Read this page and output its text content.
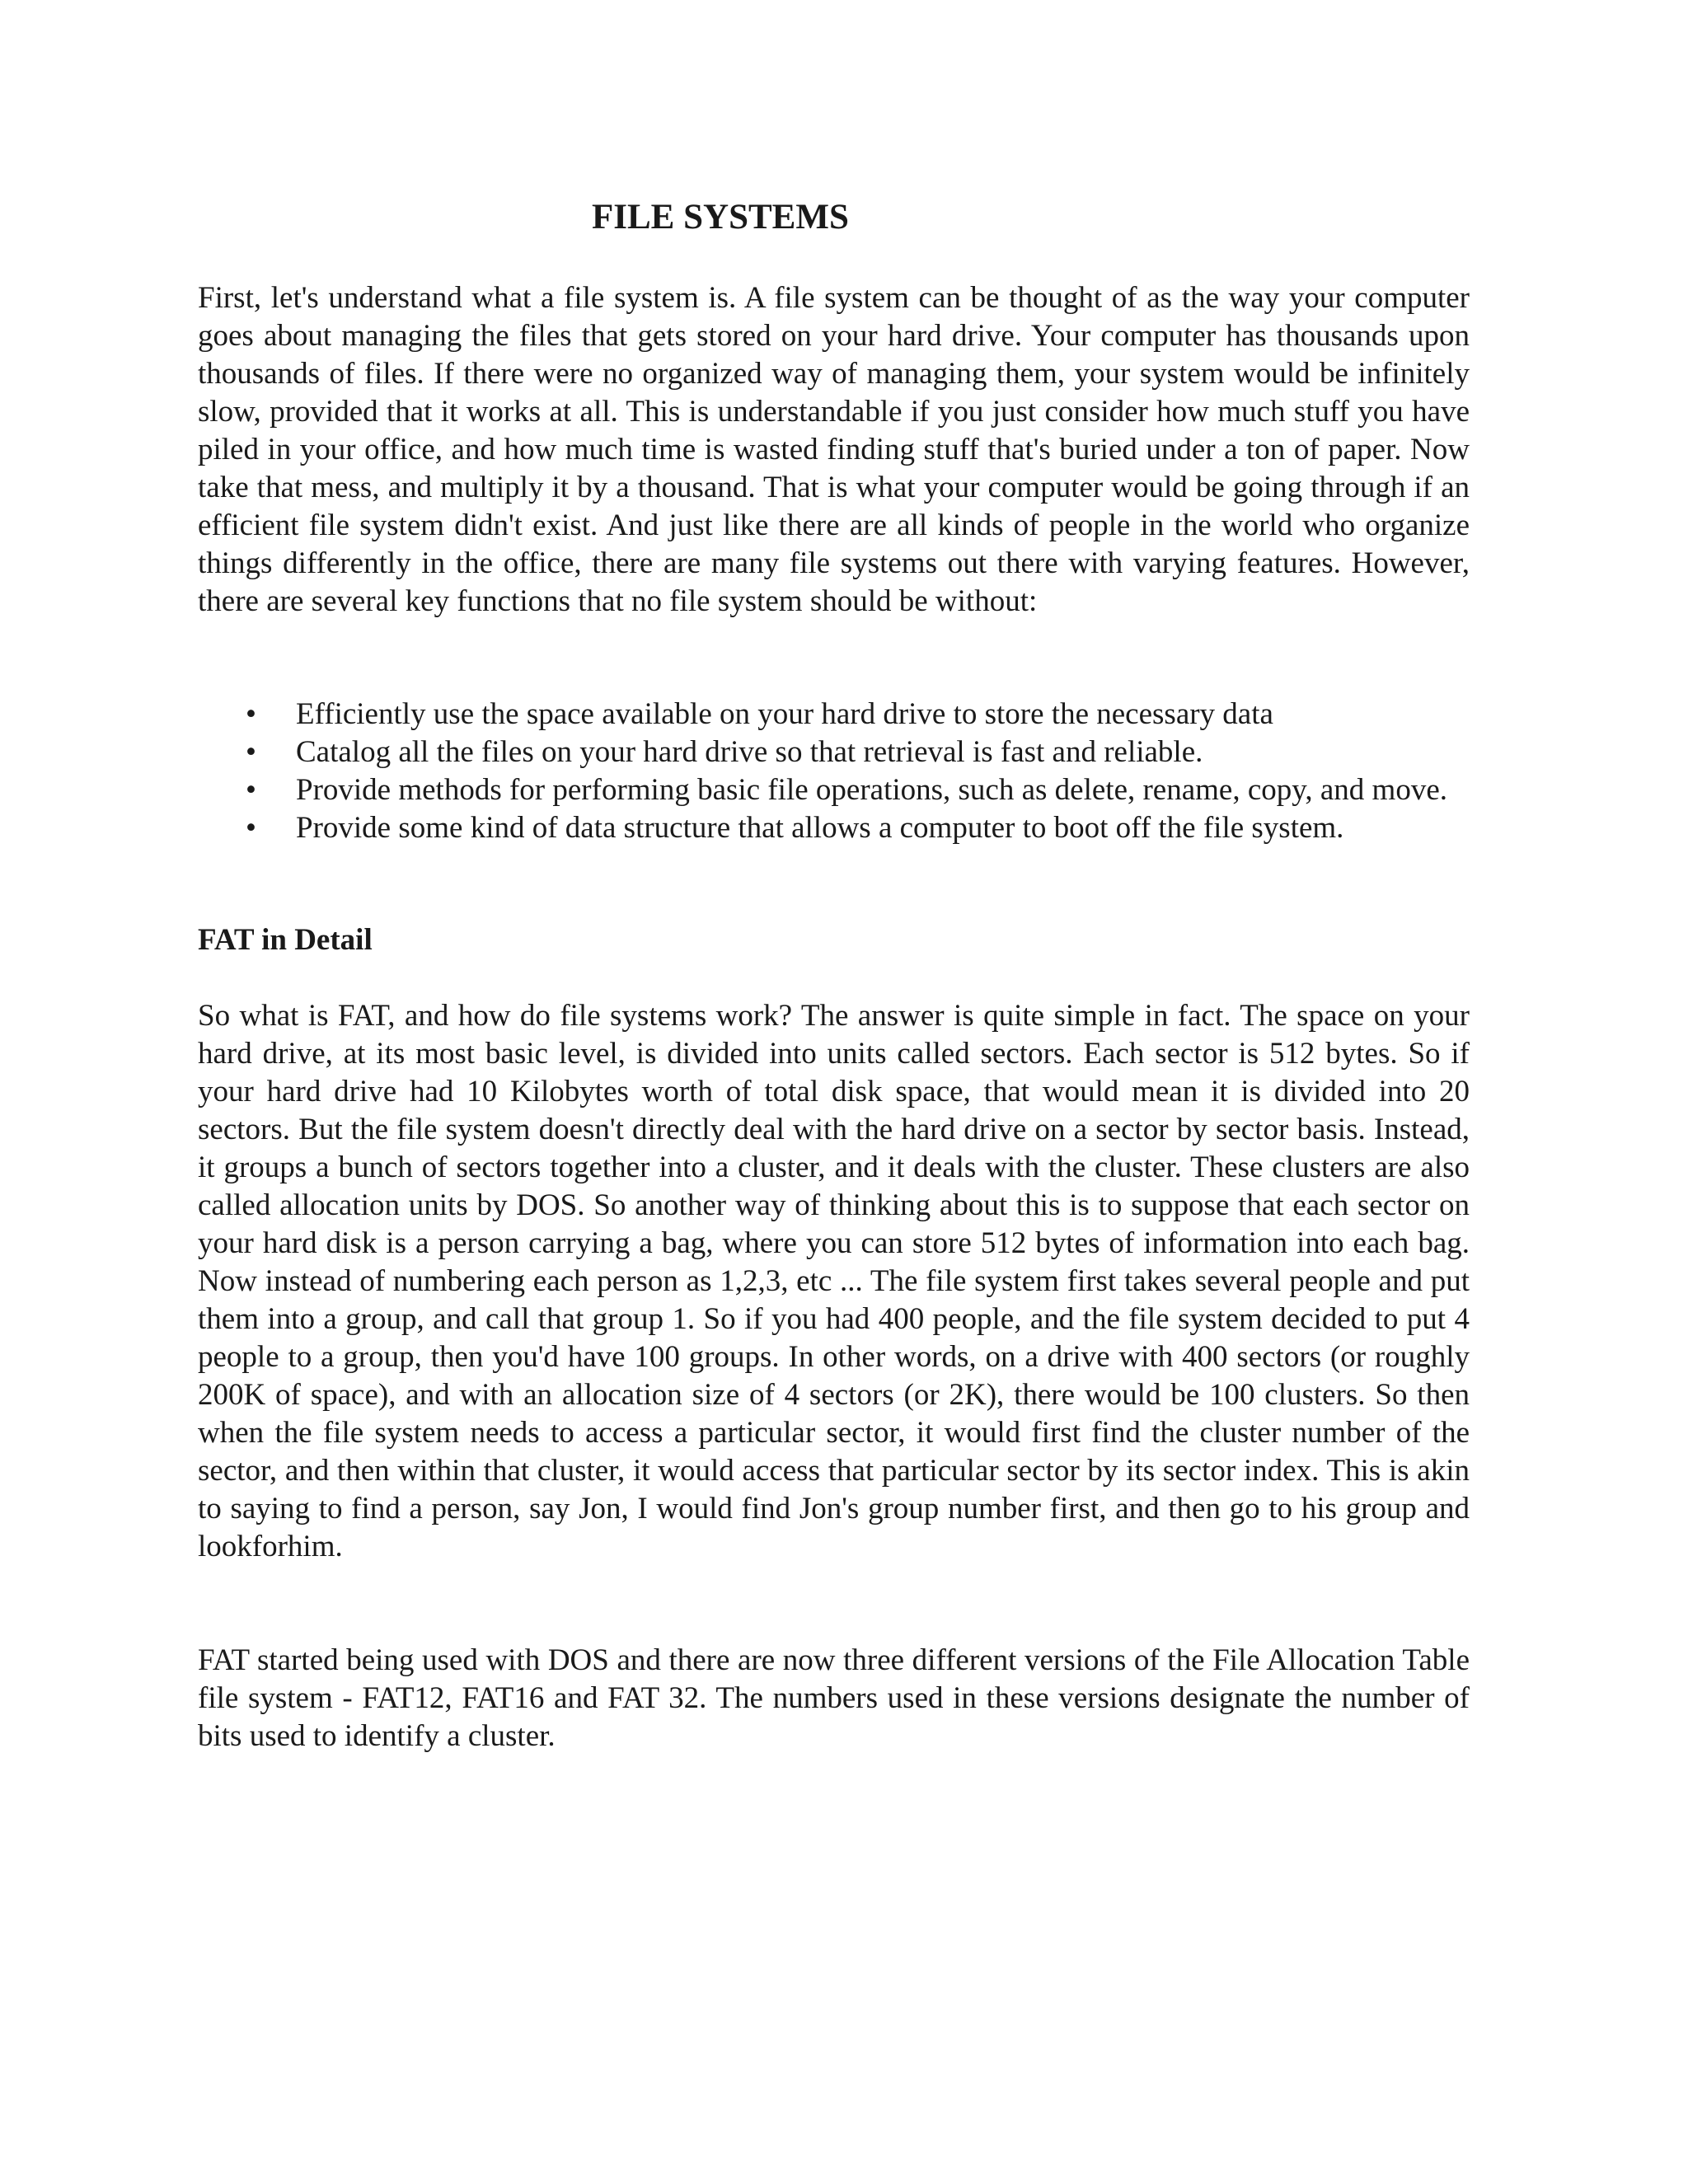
FILE SYSTEMS

First, let's understand what a file system is. A file system can be thought of as the way your computer goes about managing the files that gets stored on your hard drive. Your computer has thousands upon thousands of files. If there were no organized way of managing them, your system would be infinitely slow, provided that it works at all. This is understandable if you just consider how much stuff you have piled in your office, and how much time is wasted finding stuff that's buried under a ton of paper. Now take that mess, and multiply it by a thousand. That is what your computer would be going through if an efficient file system didn't exist. And just like there are all kinds of people in the world who organize things differently in the office, there are many file systems out there with varying features. However, there are several key functions that no file system should be without:

• Efficiently use the space available on your hard drive to store the necessary data
• Catalog all the files on your hard drive so that retrieval is fast and reliable.
• Provide methods for performing basic file operations, such as delete, rename, copy, and move.
• Provide some kind of data structure that allows a computer to boot off the file system.
FAT in Detail

So what is FAT, and how do file systems work? The answer is quite simple in fact. The space on your hard drive, at its most basic level, is divided into units called sectors. Each sector is 512 bytes. So if your hard drive had 10 Kilobytes worth of total disk space, that would mean it is divided into 20 sectors. But the file system doesn't directly deal with the hard drive on a sector by sector basis. Instead, it groups a bunch of sectors together into a cluster, and it deals with the cluster. These clusters are also called allocation units by DOS. So another way of thinking about this is to suppose that each sector on your hard disk is a person carrying a bag, where you can store 512 bytes of information into each bag. Now instead of numbering each person as 1,2,3, etc ... The file system first takes several people and put them into a group, and call that group 1. So if you had 400 people, and the file system decided to put 4 people to a group, then you'd have 100 groups. In other words, on a drive with 400 sectors (or roughly 200K of space), and with an allocation size of 4 sectors (or 2K), there would be 100 clusters. So then when the file system needs to access a particular sector, it would first find the cluster number of the sector, and then within that cluster, it would access that particular sector by its sector index. This is akin to saying to find a person, say Jon, I would find Jon's group number first, and then go to his group and lookforhim.

FAT started being used with DOS and there are now three different versions of the File Allocation Table file system - FAT12, FAT16 and FAT 32. The numbers used in these versions designate the number of bits used to identify a cluster.
